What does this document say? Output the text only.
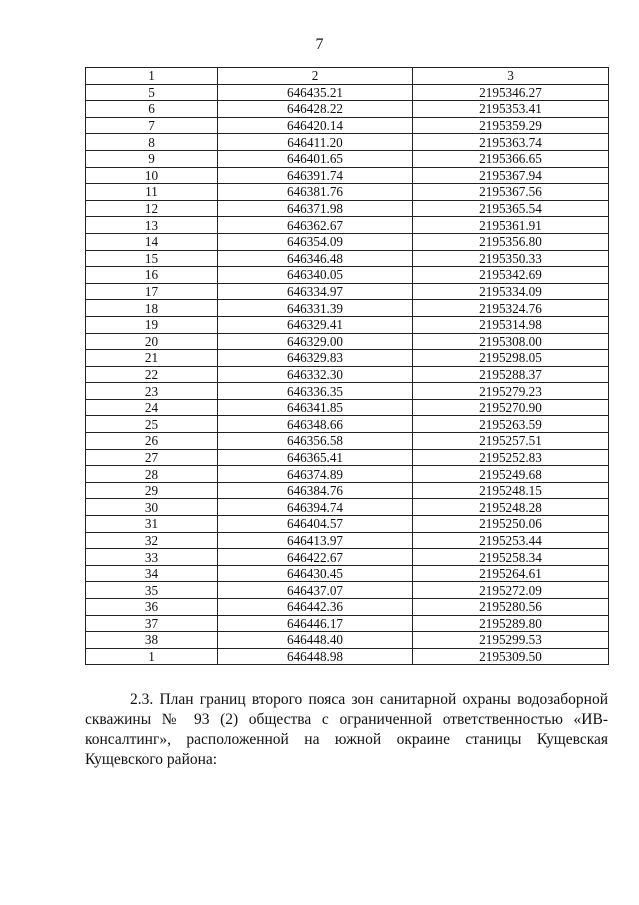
7
1	2	3
5	646435.21	2195346.27
6	646428.22	2195353.41
7	646420.14	2195359.29
8	646411.20	2195363.74
9	646401.65	2195366.65
10	646391.74	2195367.94
11	646381.76	2195367.56
12	646371.98	2195365.54
13	646362.67	2195361.91
14	646354.09	2195356.80
15	646346.48	2195350.33
16	646340.05	2195342.69
17	646334.97	2195334.09
18	646331.39	2195324.76
19	646329.41	2195314.98
20	646329.00	2195308.00
21	646329.83	2195298.05
22	646332.30	2195288.37
23	646336.35	2195279.23
24	646341.85	2195270.90
25	646348.66	2195263.59
26	646356.58	2195257.51
27	646365.41	2195252.83
28	646374.89	2195249.68
29	646384.76	2195248.15
30	646394.74	2195248.28
31	646404.57	2195250.06
32	646413.97	2195253.44
33	646422.67	2195258.34
34	646430.45	2195264.61
35	646437.07	2195272.09
36	646442.36	2195280.56
37	646446.17	2195289.80
38	646448.40	2195299.53
1	646448.98	2195309.50
2.3. План границ второго пояса зон санитарной охраны водозаборной
скважины № 93 (2) общества с ограниченной ответственностью «ИВ-консалтинг», расположенной на южной окраине станицы Кущевская Кущевского района:
